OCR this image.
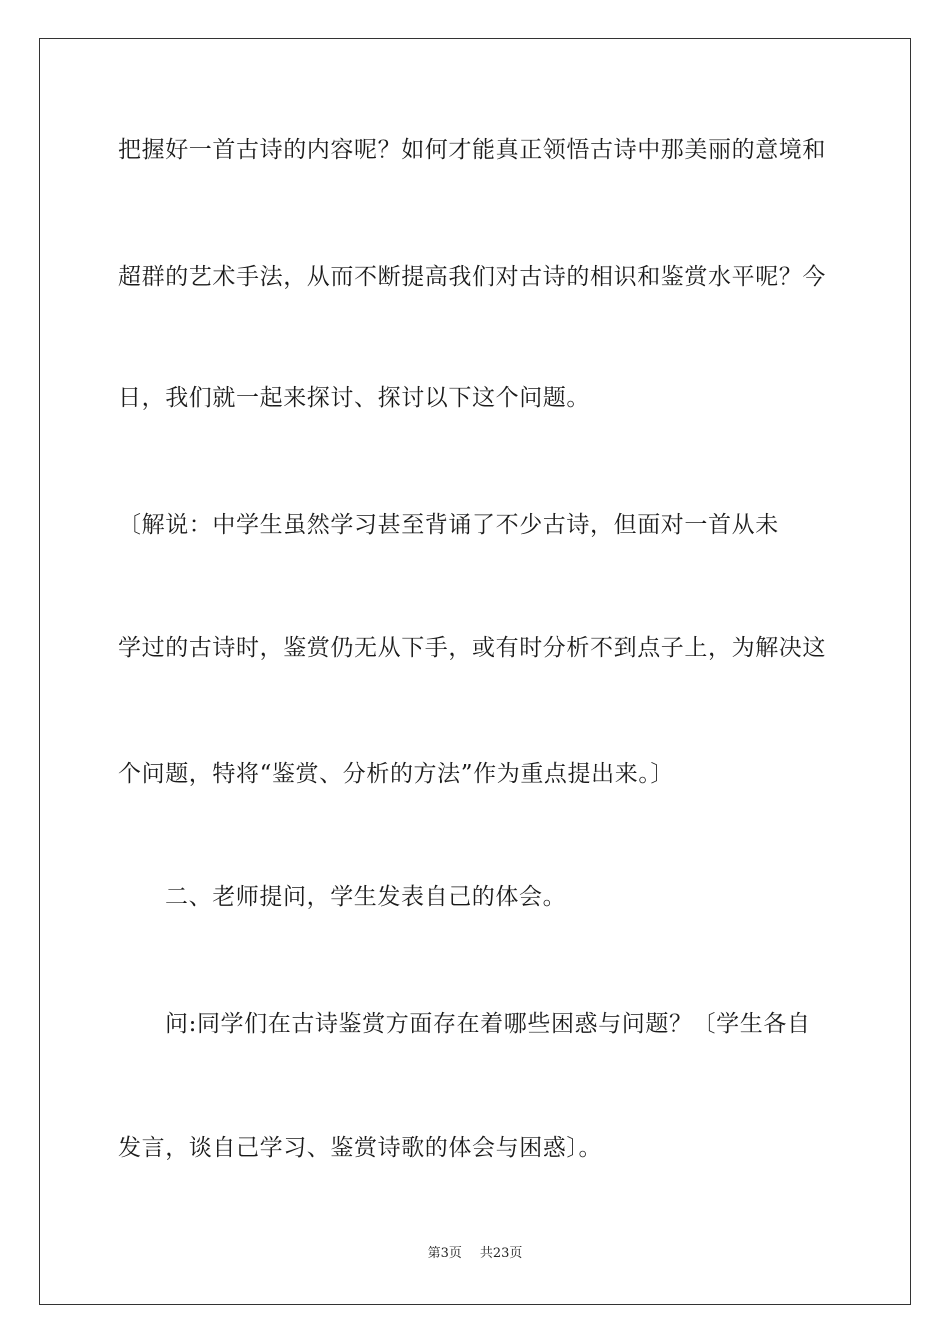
把握好一首古诗的内容呢？如何才能真正领悟古诗中那美丽的意境和
超群的艺术手法，从而不断提高我们对古诗的相识和鉴赏水平呢？今
日，我们就一起来探讨、探讨以下这个问题。
〔解说：中学生虽然学习甚至背诵了不少古诗，但面对一首从未
学过的古诗时，鉴赏仍无从下手，或有时分析不到点子上，为解决这
个问题，特将“鉴赏、分析的方法”作为重点提出来。〕
二、老师提问，学生发表自己的体会。
问:同学们在古诗鉴赏方面存在着哪些困惑与问题？〔学生各自
发言，谈自己学习、鉴赏诗歌的体会与困惑〕。
第3页 共23页
